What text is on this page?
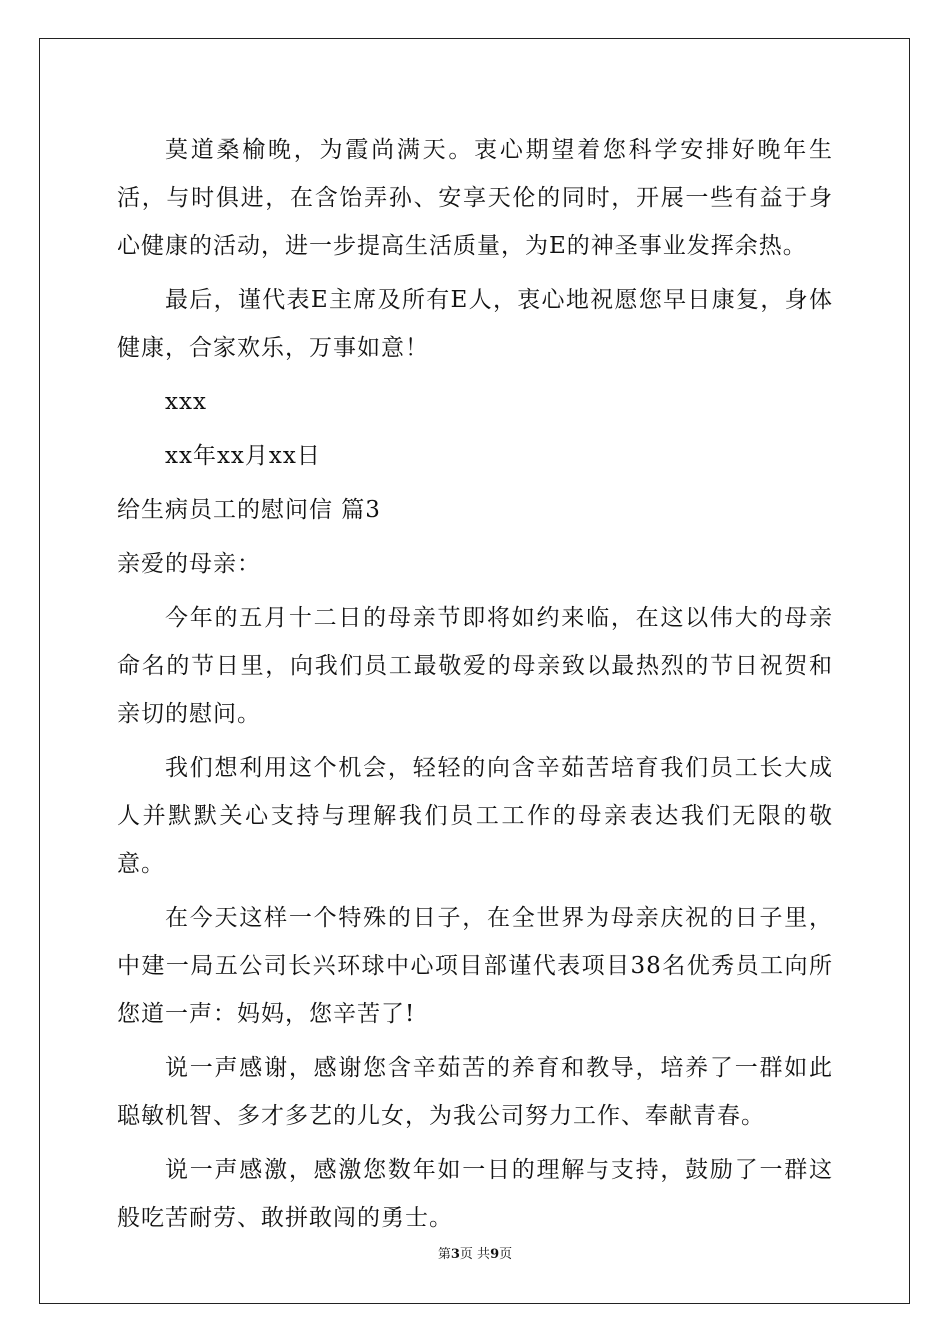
莫道桑榆晚，为霞尚满天。衷心期望着您科学安排好晚年生活，与时俱进，在含饴弄孙、安享天伦的同时，开展一些有益于身心健康的活动，进一步提高生活质量，为E的神圣事业发挥余热。

最后，谨代表E主席及所有E人，衷心地祝愿您早日康复，身体健康，合家欢乐，万事如意！

xxx

xx年xx月xx日

给生病员工的慰问信 篇3

亲爱的母亲：

今年的五月十二日的母亲节即将如约来临，在这以伟大的母亲命名的节日里，向我们员工最敬爱的母亲致以最热烈的节日祝贺和亲切的慰问。

我们想利用这个机会，轻轻的向含辛茹苦培育我们员工长大成人并默默关心支持与理解我们员工工作的母亲表达我们无限的敬意。

在今天这样一个特殊的日子，在全世界为母亲庆祝的日子里，中建一局五公司长兴环球中心项目部谨代表项目38名优秀员工向所您道一声：妈妈，您辛苦了!

说一声感谢，感谢您含辛茹苦的养育和教导，培养了一群如此聪敏机智、多才多艺的儿女，为我公司努力工作、奉献青春。

说一声感激，感激您数年如一日的理解与支持，鼓励了一群这般吃苦耐劳、敢拼敢闯的勇士。

第3页 共9页
